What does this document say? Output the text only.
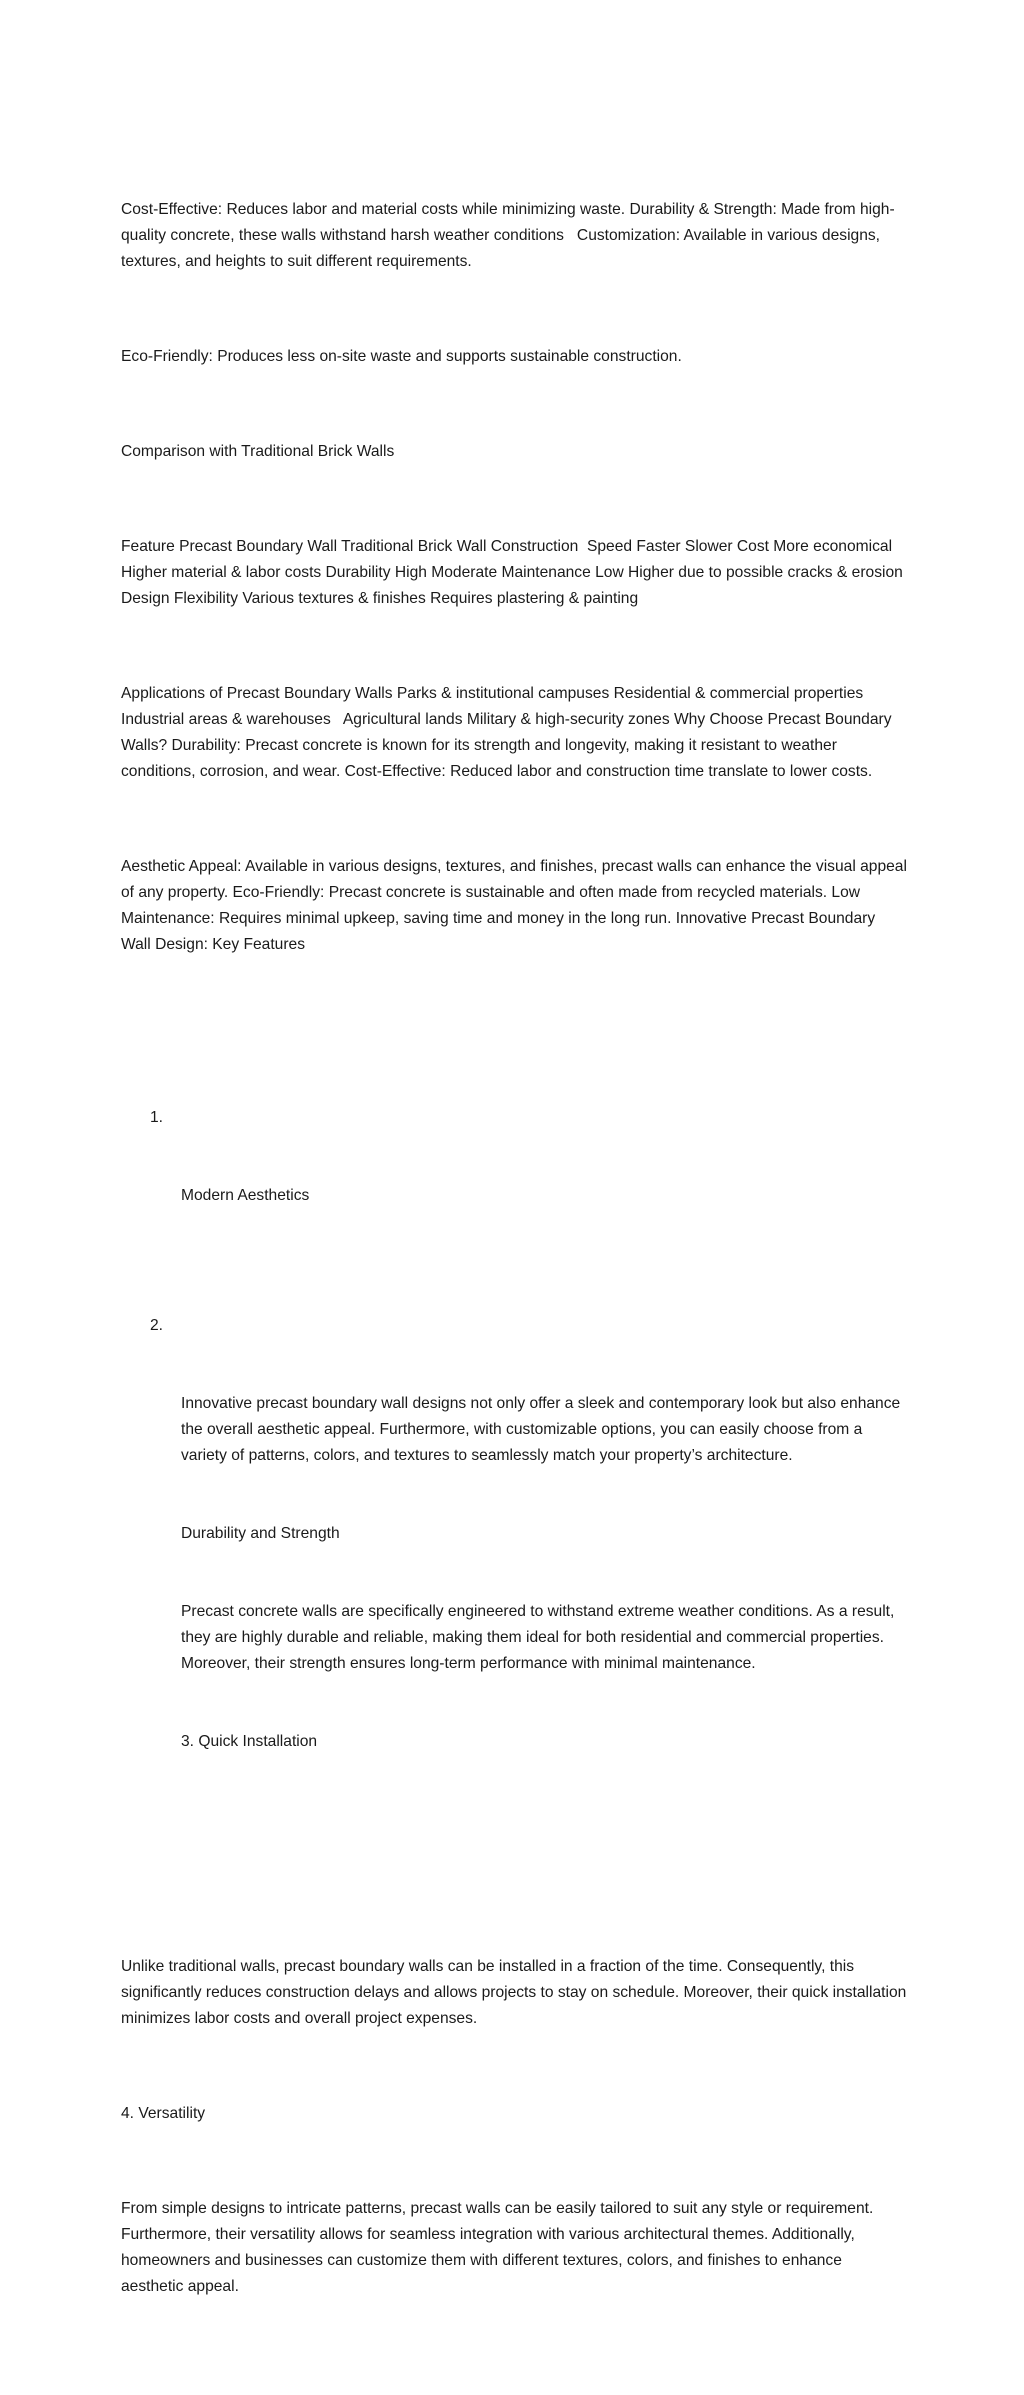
Cost-Effective: Reduces labor and material costs while minimizing waste. Durability & Strength: Made from high-quality concrete, these walls withstand harsh weather conditions   Customization: Available in various designs, textures, and heights to suit different requirements.

Eco-Friendly: Produces less on-site waste and supports sustainable construction.

Comparison with Traditional Brick Walls

Feature Precast Boundary Wall Traditional Brick Wall Construction  Speed Faster Slower Cost More economical Higher material & labor costs Durability High Moderate Maintenance Low Higher due to possible cracks & erosion Design Flexibility Various textures & finishes Requires plastering & painting

Applications of Precast Boundary Walls Parks & institutional campuses Residential & commercial properties Industrial areas & warehouses   Agricultural lands Military & high-security zones Why Choose Precast Boundary Walls? Durability: Precast concrete is known for its strength and longevity, making it resistant to weather conditions, corrosion, and wear. Cost-Effective: Reduced labor and construction time translate to lower costs.

Aesthetic Appeal: Available in various designs, textures, and finishes, precast walls can enhance the visual appeal of any property. Eco-Friendly: Precast concrete is sustainable and often made from recycled materials. Low Maintenance: Requires minimal upkeep, saving time and money in the long run. Innovative Precast Boundary Wall Design: Key Features

1.

Modern Aesthetics

2.

Innovative precast boundary wall designs not only offer a sleek and contemporary look but also enhance the overall aesthetic appeal. Furthermore, with customizable options, you can easily choose from a variety of patterns, colors, and textures to seamlessly match your property’s architecture.

Durability and Strength

Precast concrete walls are specifically engineered to withstand extreme weather conditions. As a result, they are highly durable and reliable, making them ideal for both residential and commercial properties. Moreover, their strength ensures long-term performance with minimal maintenance.

3. Quick Installation

Unlike traditional walls, precast boundary walls can be installed in a fraction of the time. Consequently, this significantly reduces construction delays and allows projects to stay on schedule. Moreover, their quick installation minimizes labor costs and overall project expenses.

4. Versatility

From simple designs to intricate patterns, precast walls can be easily tailored to suit any style or requirement. Furthermore, their versatility allows for seamless integration with various architectural themes. Additionally, homeowners and businesses can customize them with different textures, colors, and finishes to enhance aesthetic appeal.
